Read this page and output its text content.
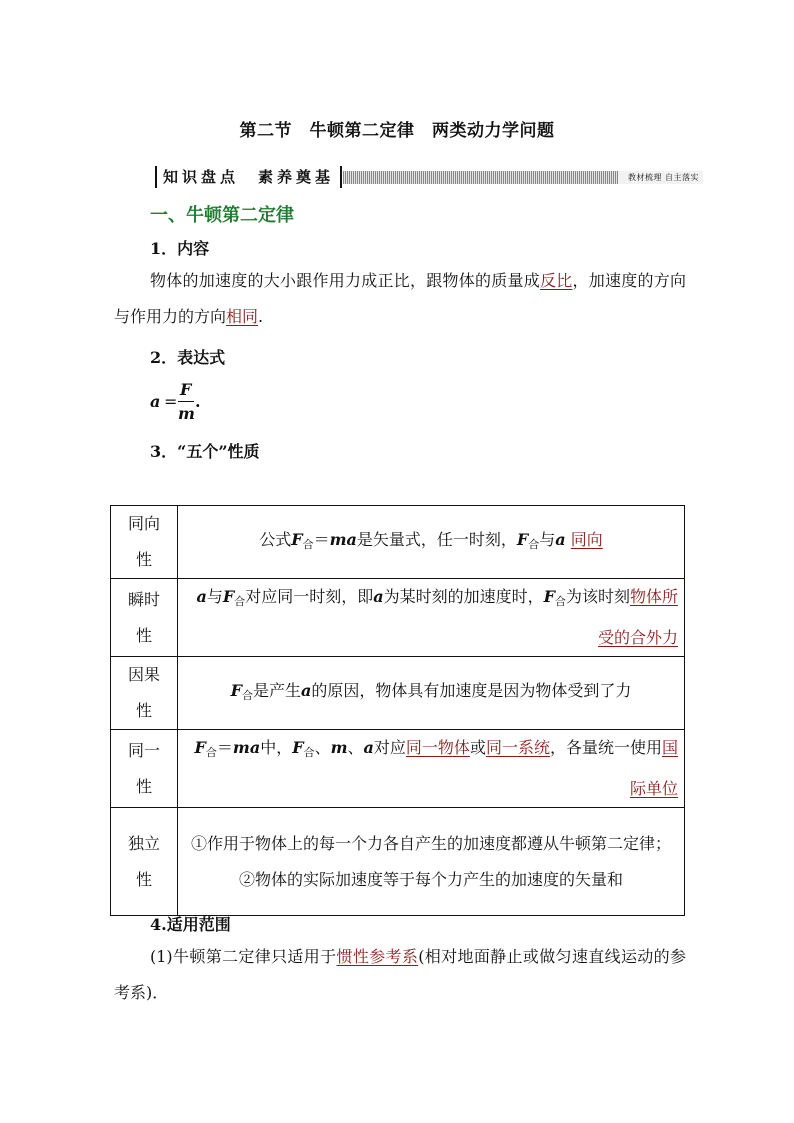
第二节　牛顿第二定律　两类动力学问题
知识盘点　素养奠基	教材梳理 自主落实
一、牛顿第二定律
1．内容
物体的加速度的大小跟作用力成正比，跟物体的质量成反比，加速度的方向与作用力的方向相同.
2．表达式
a =
F
m
.
3．“五个”性质
同向
性	公式$F_合=ma$是矢量式，任一时刻，$F_合$与a 同向
瞬时
性	a与$F_合$对应同一时刻，即a为某时刻的加速度时，$F_合$为该时刻物体所受的合外力
因果
性	$F_合$是产生a的原因，物体具有加速度是因为物体受到了力
同一
性	$F_合=ma$中，$F_合$、m、a对应同一物体或同一系统，各量统一使用国际单位
独立
性	①作用于物体上的每一个力各自产生的加速度都遵从牛顿第二定律；
②物体的实际加速度等于每个力产生的加速度的矢量和
4.适用范围
(1)牛顿第二定律只适用于惯性参考系(相对地面静止或做匀速直线运动的参考系)．
